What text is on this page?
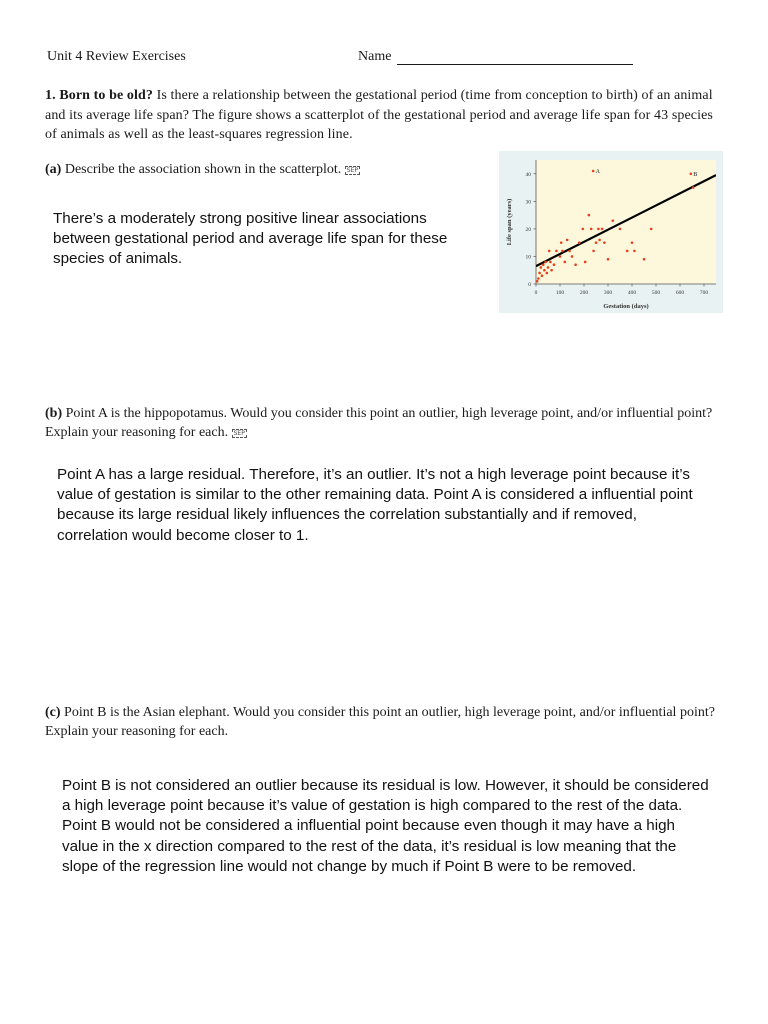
Unit 4 Review Exercises	Name
1. Born to be old? Is there a relationship between the gestational period (time from conception to birth) of an animal and its average life span? The figure shows a scatterplot of the gestational period and average life span for 43 species of animals as well as the least-squares regression line.
(a) Describe the association shown in the scatterplot. SEP
There’s a moderately strong positive linear associations between gestational period and average life span for these species of animals.
0	100	200	300	400	500	600	700
0
10
20
30
40	A	B
Gestation (days)
Life span (years)
(b) Point A is the hippopotamus. Would you consider this point an outlier, high leverage point, and/or influential point? Explain your reasoning for each. SEP
Point A has a large residual. Therefore, it’s an outlier. It’s not a high leverage point because it’s value of gestation is similar to the other remaining data. Point A is considered a influential point because its large residual likely influences the correlation substantially and if removed, correlation would become closer to 1.
(c) Point B is the Asian elephant. Would you consider this point an outlier, high leverage point, and/or influential point? Explain your reasoning for each.
Point B is not considered an outlier because its residual is low. However, it should be considered a high leverage point because it’s value of gestation is high compared to the rest of the data. Point B would not be considered a influential point because even though it may have a high value in the x direction compared to the rest of the data, it’s residual is low meaning that the slope of the regression line would not change by much if Point B were to be removed.
